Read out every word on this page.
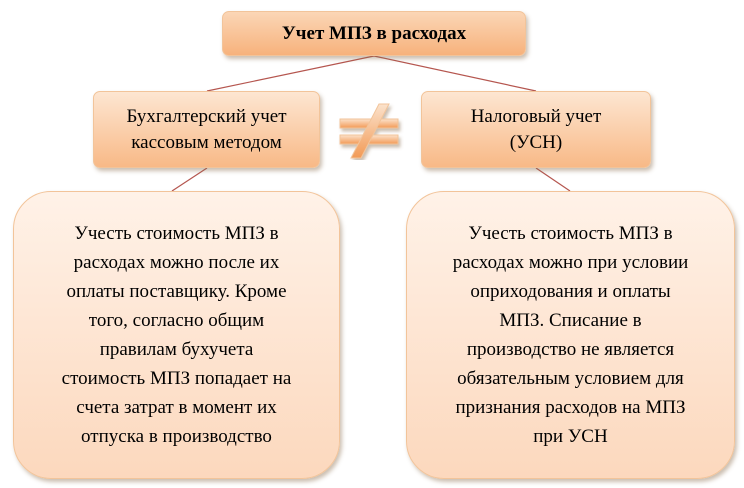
Учет МПЗ в расходах
Бухгалтерский учет
кассовым методом
Налоговый учет
(УСН)
Учесть стоимость МПЗ в
расходах можно после их
оплаты поставщику. Кроме
того, согласно общим
правилам бухучета
стоимость МПЗ попадает на
счета затрат в момент их
отпуска в производство
Учесть стоимость МПЗ в
расходах можно при условии
оприходования и оплаты
МПЗ. Списание в
производство не является
обязательным условием для
признания расходов на МПЗ
при УСН
